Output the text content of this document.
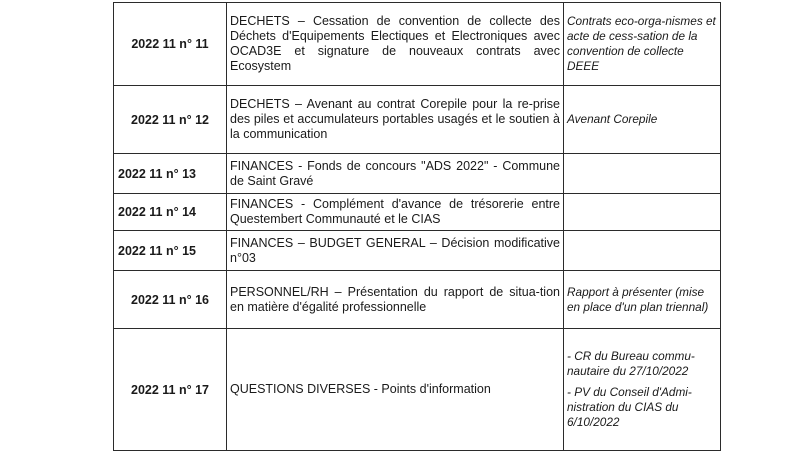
2022 11 n° 11	DECHETS – Cessation de convention de collecte des Déchets d'Equipements Electiques et Electroniques avec OCAD3E et signature de nouveaux contrats avec Ecosystem	Contrats eco-orga-nismes et acte de cess-sation de la convention de collecte DEEE

2022 11 n° 12	DECHETS – Avenant au contrat Corepile pour la re-prise des piles et accumulateurs portables usagés et le soutien à la communication	Avenant Corepile

2022 11 n° 13	FINANCES - Fonds de concours "ADS 2022" - Commune de Saint Gravé	
2022 11 n° 14	FINANCES - Complément d'avance de trésorerie entre Questembert Communauté et le CIAS	
2022 11 n° 15	FINANCES – BUDGET GENERAL – Décision modificative n°03	
2022 11 n° 16	PERSONNEL/RH – Présentation du rapport de situa-tion en matière d'égalité professionnelle	Rapport à présenter (mise en place d'un plan triennal)

2022 11 n° 17	QUESTIONS DIVERSES - Points d'information	- CR du Bureau commu-nautaire du 27/10/2022
- PV du Conseil d'Admi-nistration du CIAS du 6/10/2022
